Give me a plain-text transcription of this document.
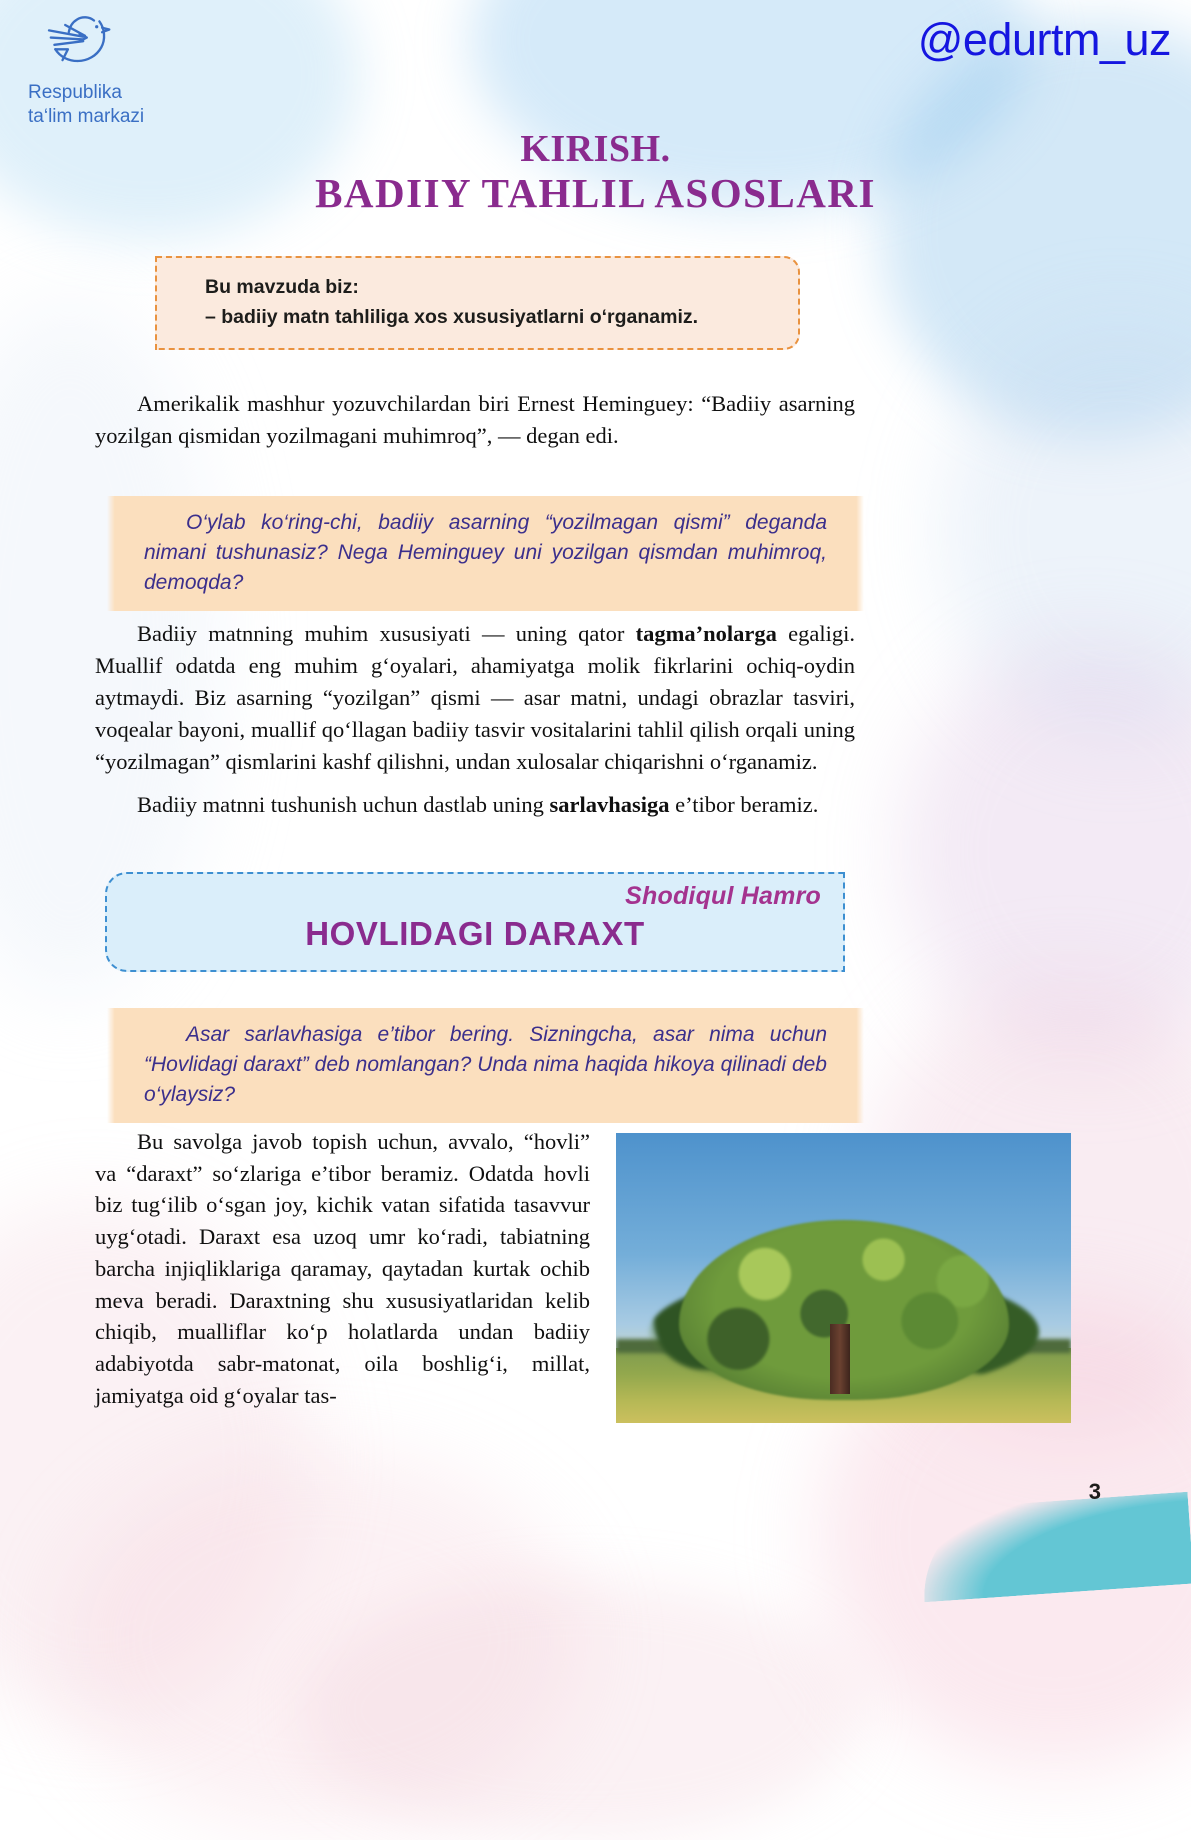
Respublika
ta‘lim markazi
@edurtm_uz
KIRISH.
BADIIY TAHLIL ASOSLARI
Bu mavzuda biz:
– badiiy matn tahliliga xos xususiyatlarni o‘rganamiz.
Amerikalik mashhur yozuvchilardan biri Ernest Heminguey: “Badiiy asarning yozilgan qismidan yozilmagani muhimroq”, — degan edi.
O‘ylab ko‘ring-chi, badiiy asarning “yozilmagan qismi” deganda nimani tushunasiz? Nega Heminguey uni yozilgan qismdan muhimroq, demoqda?
Badiiy matnning muhim xususiyati — uning qator tagma’nolarga egaligi. Muallif odatda eng muhim g‘oyalari, ahamiyatga molik fikrlarini ochiq-oydin aytmaydi. Biz asarning “yozilgan” qismi — asar matni, undagi obrazlar tasviri, voqealar bayoni, muallif qo‘llagan badiiy tasvir vositalarini tahlil qilish orqali uning “yozilmagan” qismlarini kashf qilishni, undan xulosalar chiqarishni o‘rganamiz.
Badiiy matnni tushunish uchun dastlab uning sarlavhasiga e’tibor beramiz.
Shodiqul Hamro
HOVLIDAGI DARAXT
Asar sarlavhasiga e’tibor bering. Sizningcha, asar nima uchun “Hovlidagi daraxt” deb nomlangan? Unda nima haqida hikoya qilinadi deb o‘ylaysiz?
Bu savolga javob topish uchun, avvalo, “hovli” va “daraxt” so‘zlariga e’tibor beramiz. Odatda hovli biz tug‘ilib o‘sgan joy, kichik vatan sifatida tasavvur uyg‘otadi. Daraxt esa uzoq umr ko‘radi, tabiatning barcha injiqliklariga qaramay, qaytadan kurtak ochib meva beradi. Daraxtning shu xususiyatlaridan kelib chiqib, mualliflar ko‘p holatlarda undan badiiy adabiyotda sabr-matonat, oila boshlig‘i, millat, jamiyatga oid g‘oyalar tas-
3
